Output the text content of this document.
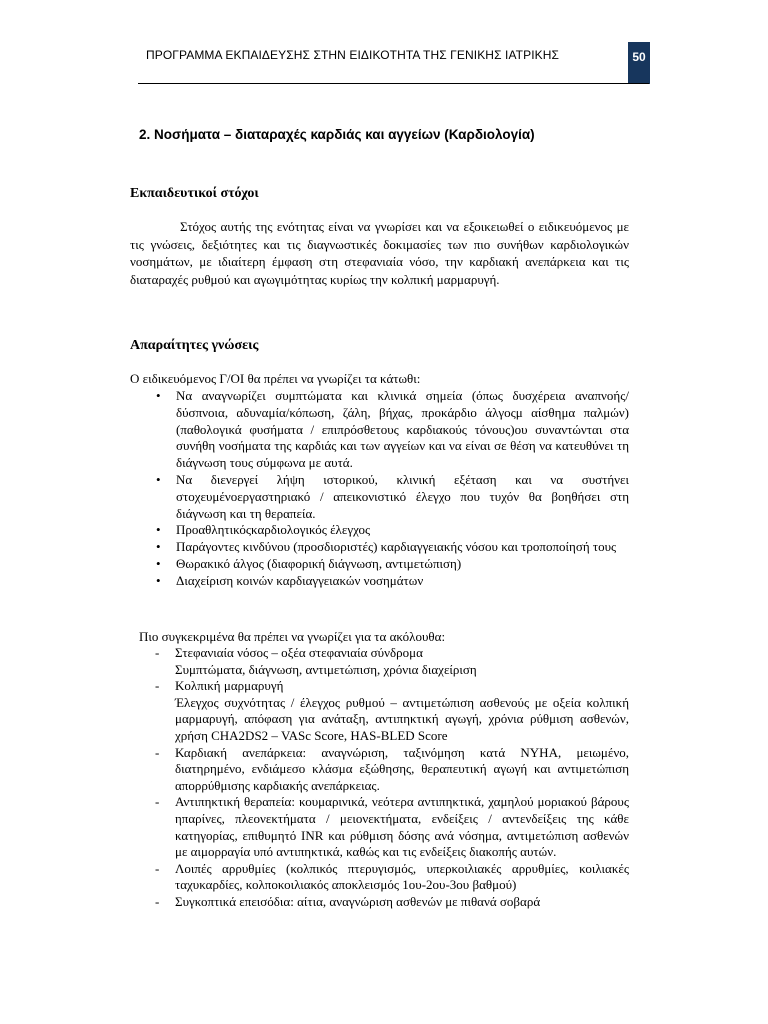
ΠΡΟΓΡΑΜΜΑ ΕΚΠΑΙΔΕΥΣΗΣ ΣΤΗΝ ΕΙΔΙΚΟΤΗΤΑ ΤΗΣ ΓΕΝΙΚΗΣ ΙΑΤΡΙΚΗΣ	50
2. Νοσήματα – διαταραχές καρδιάς και αγγείων (Καρδιολογία)
Εκπαιδευτικοί στόχοι

Στόχος αυτής της ενότητας είναι να γνωρίσει και να εξοικειωθεί ο ειδικευόμενος με τις γνώσεις, δεξιότητες και τις διαγνωστικές δοκιμασίες των πιο συνήθων καρδιολογικών νοσημάτων, με ιδιαίτερη έμφαση στη στεφανιαία νόσο, την καρδιακή ανεπάρκεια και τις διαταραχές ρυθμού και αγωγιμότητας κυρίως την κολπική μαρμαρυγή.

Απαραίτητες γνώσεις

Ο ειδικευόμενος Γ/ΟΙ θα πρέπει να γνωρίζει τα κάτωθι:

• Να αναγνωρίζει συμπτώματα και κλινικά σημεία (όπως δυσχέρεια αναπνοής/δύσπνοια, αδυναμία/κόπωση, ζάλη, βήχας, προκάρδιο άλγοςμ αίσθημα παλμών)(παθολογικά φυσήματα / επιπρόσθετους καρδιακούς τόνους)ου συναντώνται στα συνήθη νοσήματα της καρδιάς και των αγγείων και να είναι σε θέση να κατευθύνει τη διάγνωση τους σύμφωνα με αυτά.
• Να διενεργεί λήψη ιστορικού, κλινική εξέταση και να συστήνει στοχευμένοεργαστηριακό / απεικονιστικό έλεγχο που τυχόν θα βοηθήσει στη διάγνωση και τη θεραπεία.
• Προαθλητικόςκαρδιολογικός έλεγχος
• Παράγοντες κινδύνου (προσδιοριστές) καρδιαγγειακής νόσου και τροποποίησή τους
• Θωρακικό άλγος (διαφορική διάγνωση, αντιμετώπιση)
• Διαχείριση κοινών καρδιαγγειακών νοσημάτων

Πιο συγκεκριμένα θα πρέπει να γνωρίζει για τα ακόλουθα:

- Στεφανιαία νόσος – οξέα στεφανιαία σύνδρομα
Συμπτώματα, διάγνωση, αντιμετώπιση, χρόνια διαχείριση
- Κολπική μαρμαρυγή
Έλεγχος συχνότητας / έλεγχος ρυθμού – αντιμετώπιση ασθενούς με οξεία κολπική μαρμαρυγή, απόφαση για ανάταξη, αντιπηκτική αγωγή, χρόνια ρύθμιση ασθενών, χρήση CHA2DS2 – VASc Score, HAS-BLED Score
- Καρδιακή ανεπάρκεια: αναγνώριση, ταξινόμηση κατά NYHA, μειωμένο, διατηρημένο, ενδιάμεσο κλάσμα εξώθησης, θεραπευτική αγωγή και αντιμετώπιση απορρύθμισης καρδιακής ανεπάρκειας.
- Αντιπηκτική θεραπεία: κουμαρινικά, νεότερα αντιπηκτικά, χαμηλού μοριακού βάρους ηπαρίνες, πλεονεκτήματα / μειονεκτήματα, ενδείξεις / αντενδείξεις της κάθε κατηγορίας, επιθυμητό INR και ρύθμιση δόσης ανά νόσημα, αντιμετώπιση ασθενών με αιμορραγία υπό αντιπηκτικά, καθώς και τις ενδείξεις διακοπής αυτών.
- Λοιπές αρρυθμίες (κολπικός πτερυγισμός, υπερκοιλιακές αρρυθμίες, κοιλιακές ταχυκαρδίες, κολποκοιλιακός αποκλεισμός 1ου-2ου-3ου βαθμού)
- Συγκοπτικά επεισόδια: αίτια, αναγνώριση ασθενών με πιθανά σοβαρά
